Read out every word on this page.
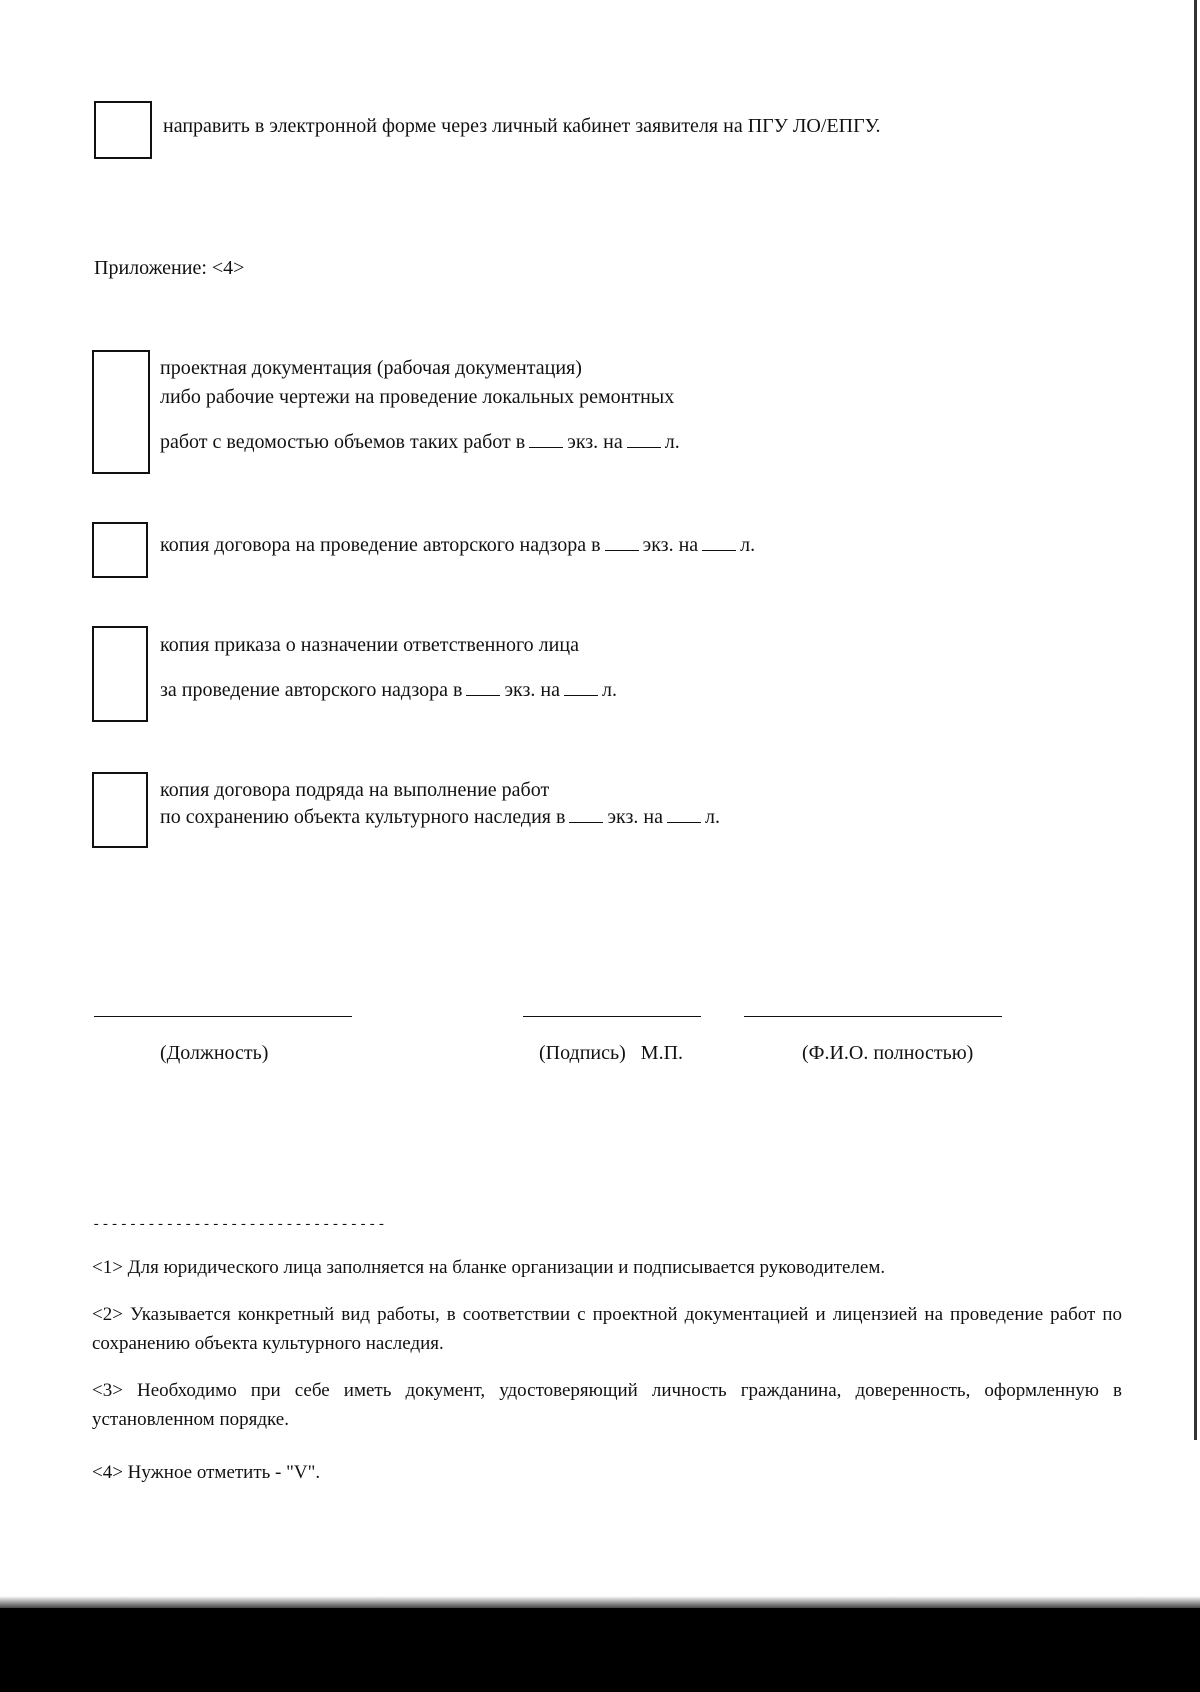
направить в электронной форме через личный кабинет заявителя на ПГУ ЛО/ЕПГУ.
Приложение: <4>
проектная документация (рабочая документация)
либо рабочие чертежи на проведение локальных ремонтных
работ с ведомостью объемов таких работ в экз. на л.
копия договора на проведение авторского надзора в экз. на л.
копия приказа о назначении ответственного лица
за проведение авторского надзора в экз. на л.
копия договора подряда на выполнение работ
по сохранению объекта культурного наследия в экз. на л.
(Должность)	(Подпись) М.П.	(Ф.И.О. полностью)
--------------------------------
<1> Для юридического лица заполняется на бланке организации и подписывается руководителем.
<2> Указывается конкретный вид работы, в соответствии с проектной документацией и лицензией на проведение работ по сохранению объекта культурного наследия.
<3> Необходимо при себе иметь документ, удостоверяющий личность гражданина, доверенность, оформленную в установленном порядке.
<4> Нужное отметить - "V".
